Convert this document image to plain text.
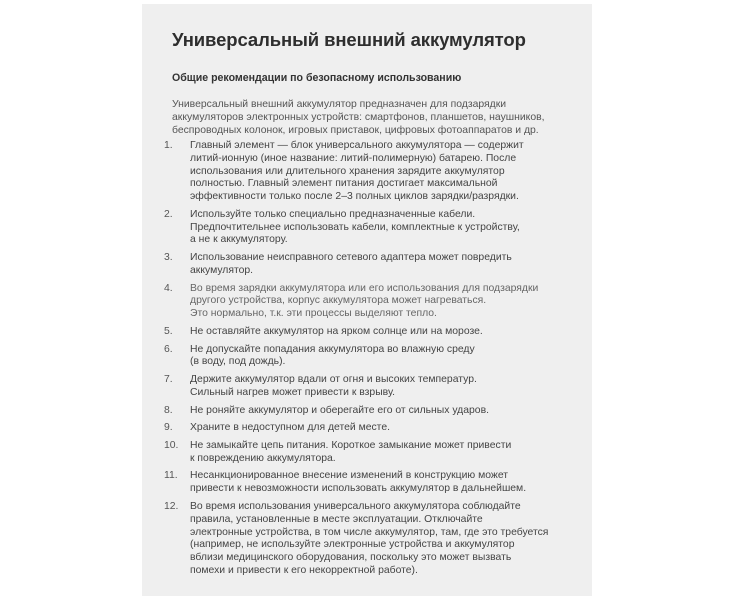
Универсальный внешний аккумулятор
Общие рекомендации по безопасному использованию

Универсальный внешний аккумулятор предназначен для подзарядки
аккумуляторов электронных устройств: смартфонов, планшетов, наушников,
беспроводных колонок, игровых приставок, цифровых фотоаппаратов и др.

1.	Главный элемент — блок универсального аккумулятора — содержит
литий-ионную (иное название: литий-полимерную) батарею. После
использования или длительного хранения зарядите аккумулятор
полностью. Главный элемент питания достигает максимальной
эффективности только после 2–3 полных циклов зарядки/разрядки.
2.	Используйте только специально предназначенные кабели.
Предпочтительнее использовать кабели, комплектные к устройству,
а не к аккумулятору.
3.	Использование неисправного сетевого адаптера может повредить
аккумулятор.
4.	Во время зарядки аккумулятора или его использования для подзарядки
другого устройства, корпус аккумулятора может нагреваться.
Это нормально, т.к. эти процессы выделяют тепло.
5.	Не оставляйте аккумулятор на ярком солнце или на морозе.
6.	Не допускайте попадания аккумулятора во влажную среду
(в воду, под дождь).
7.	Держите аккумулятор вдали от огня и высоких температур.
Сильный нагрев может привести к взрыву.
8.	Не роняйте аккумулятор и оберегайте его от сильных ударов.
9.	Храните в недоступном для детей месте.
10.	Не замыкайте цепь питания. Короткое замыкание может привести
к повреждению аккумулятора.
11.	Несанкционированное внесение изменений в конструкцию может
привести к невозможности использовать аккумулятор в дальнейшем.
12.	Во время использования универсального аккумулятора соблюдайте
правила, установленные в месте эксплуатации. Отключайте
электронные устройства, в том числе аккумулятор, там, где это требуется
(например, не используйте электронные устройства и аккумулятор
вблизи медицинского оборудования, поскольку это может вызвать
помехи и привести к его некорректной работе).
